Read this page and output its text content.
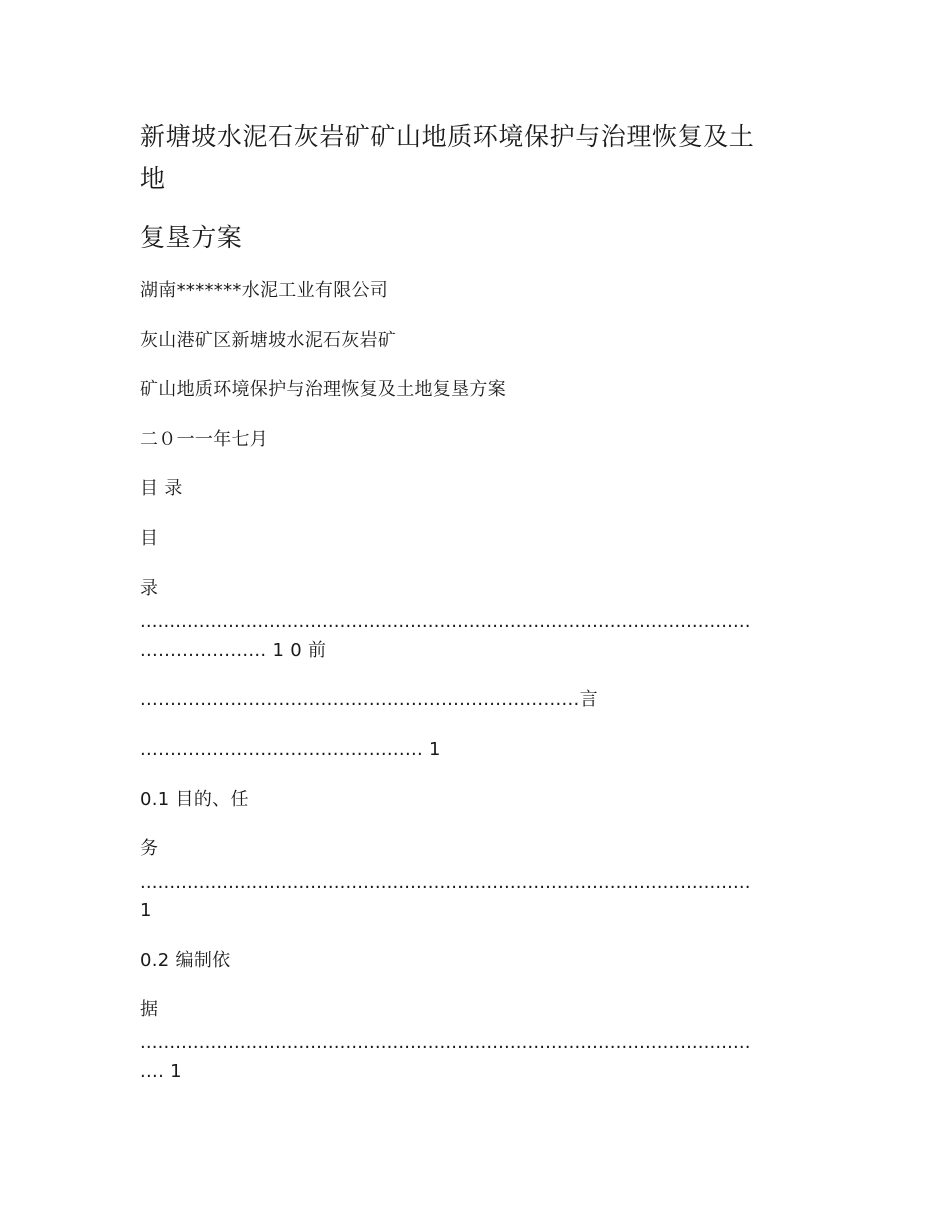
新塘坡水泥石灰岩矿矿山地质环境保护与治理恢复及土
地
复垦方案
湖南*******水泥工业有限公司
灰山港矿区新塘坡水泥石灰岩矿
矿山地质环境保护与治理恢复及土地复垦方案
二０一一年七月
目 录
目
录
........................................................................................................
..................... 1 0 前
.........................................................................言
............................................... 1
0.1 目的、任
务
........................................................................................................
1
0.2 编制依
据
........................................................................................................
.... 1
